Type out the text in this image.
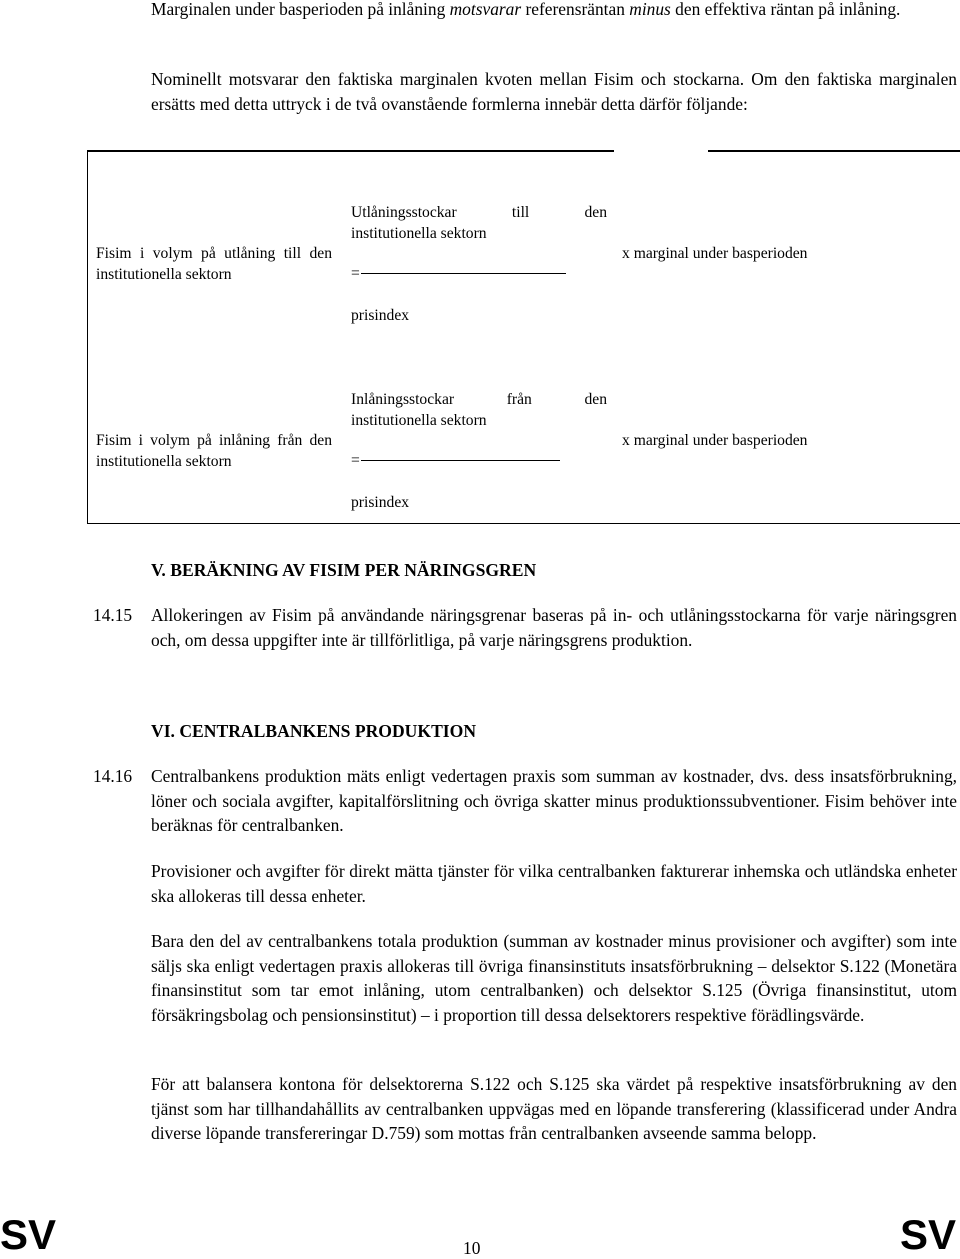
Marginalen under basperioden på inlåning motsvarar referensräntan minus den effektiva räntan på inlåning.

Nominellt motsvarar den faktiska marginalen kvoten mellan Fisim och stockarna. Om den faktiska marginalen ersätts med detta uttryck i de två ovanstående formlerna innebär detta därför följande:

Fisim i volym på utlåning till den institutionella sektorn
Utlåningsstockar till den
institutionella sektorn
=
prisindex
x marginal under basperioden
Fisim i volym på inlåning från den institutionella sektorn
Inlåningsstockar från den
institutionella sektorn
=
prisindex
x marginal under basperioden
V. BERÄKNING AV FISIM PER NÄRINGSGREN
14.15 Allokeringen av Fisim på användande näringsgrenar baseras på in- och utlåningsstockarna för varje näringsgren och, om dessa uppgifter inte är tillförlitliga, på varje näringsgrens produktion.

VI. CENTRALBANKENS PRODUKTION
14.16 Centralbankens produktion mäts enligt vedertagen praxis som summan av kostnader, dvs. dess insatsförbrukning, löner och sociala avgifter, kapitalförslitning och övriga skatter minus produktionssubventioner. Fisim behöver inte beräknas för centralbanken.

Provisioner och avgifter för direkt mätta tjänster för vilka centralbanken fakturerar inhemska och utländska enheter ska allokeras till dessa enheter.

Bara den del av centralbankens totala produktion (summan av kostnader minus provisioner och avgifter) som inte säljs ska enligt vedertagen praxis allokeras till övriga finansinstituts insatsförbrukning – delsektor S.122 (Monetära finansinstitut som tar emot inlåning, utom centralbanken) och delsektor S.125 (Övriga finansinstitut, utom försäkringsbolag och pensionsinstitut) – i proportion till dessa delsektorers respektive förädlingsvärde.

För att balansera kontona för delsektorerna S.122 och S.125 ska värdet på respektive insatsförbrukning av den tjänst som har tillhandahållits av centralbanken uppvägas med en löpande transferering (klassificerad under Andra diverse löpande transfereringar D.759) som mottas från centralbanken avseende samma belopp.

SV	10	SV
